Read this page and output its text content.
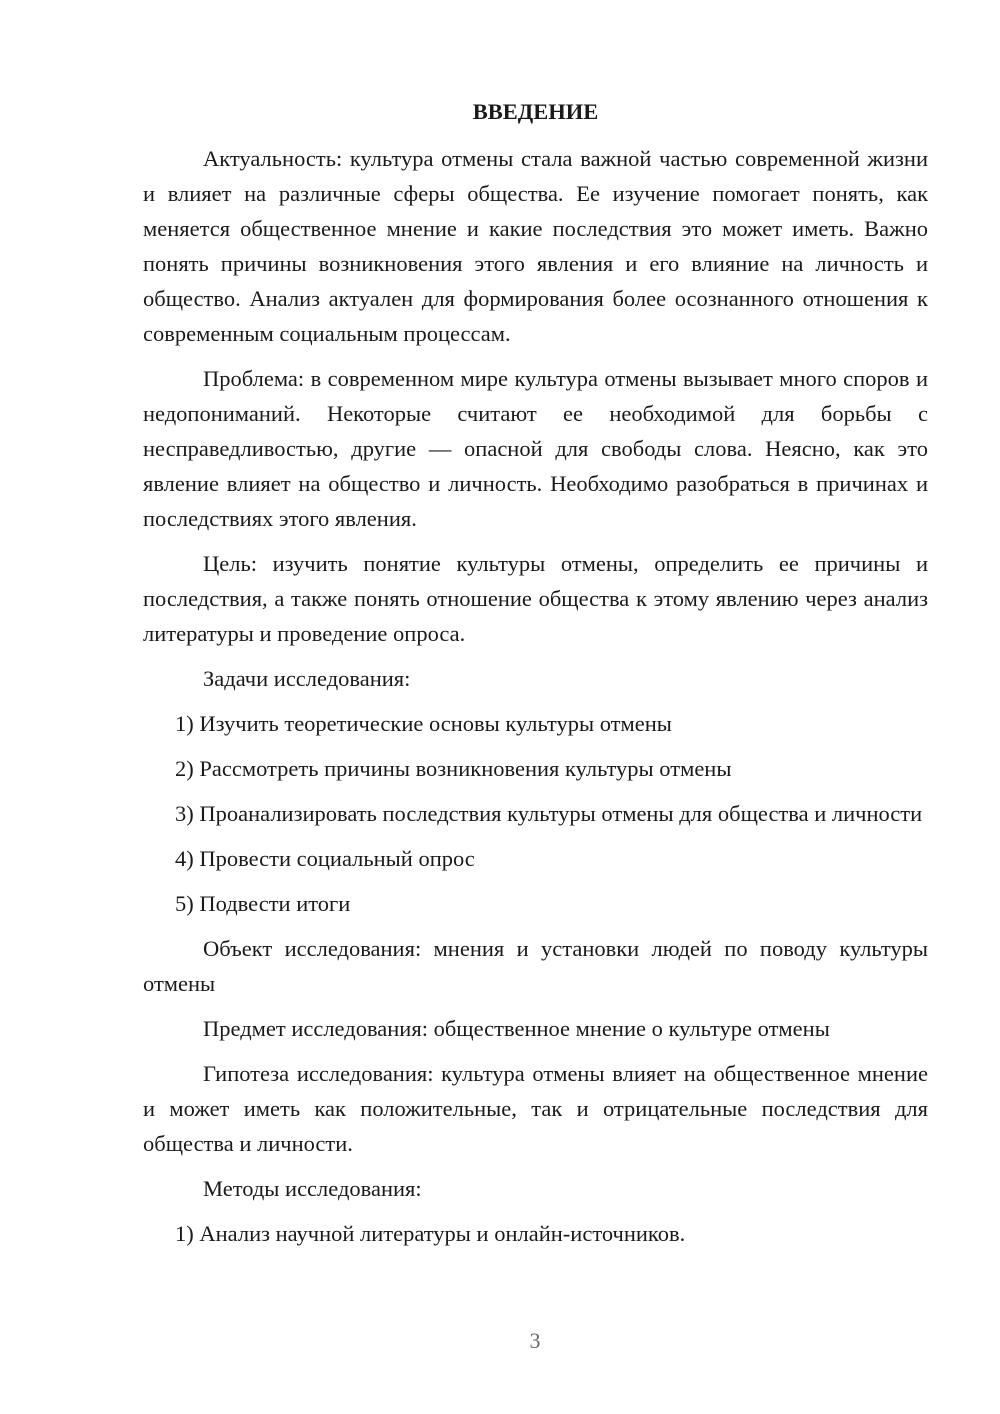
ВВЕДЕНИЕ

Актуальность: культура отмены стала важной частью современной жизни и влияет на различные сферы общества. Ее изучение помогает понять, как меняется общественное мнение и какие последствия это может иметь. Важно понять причины возникновения этого явления и его влияние на личность и общество. Анализ актуален для формирования более осознанного отношения к современным социальным процессам.

Проблема: в современном мире культура отмены вызывает много споров и недопониманий. Некоторые считают ее необходимой для борьбы с несправедливостью, другие — опасной для свободы слова. Неясно, как это явление влияет на общество и личность. Необходимо разобраться в причинах и последствиях этого явления.

Цель: изучить понятие культуры отмены, определить ее причины и последствия, а также понять отношение общества к этому явлению через анализ литературы и проведение опроса.

Задачи исследования:

1) Изучить теоретические основы культуры отмены

2) Рассмотреть причины возникновения культуры отмены

3) Проанализировать последствия культуры отмены для общества и личности

4) Провести социальный опрос

5) Подвести итоги

Объект исследования: мнения и установки людей по поводу культуры отмены

Предмет исследования: общественное мнение о культуре отмены

Гипотеза исследования: культура отмены влияет на общественное мнение и может иметь как положительные, так и отрицательные последствия для общества и личности.

Методы исследования:

1) Анализ научной литературы и онлайн-источников.

3
